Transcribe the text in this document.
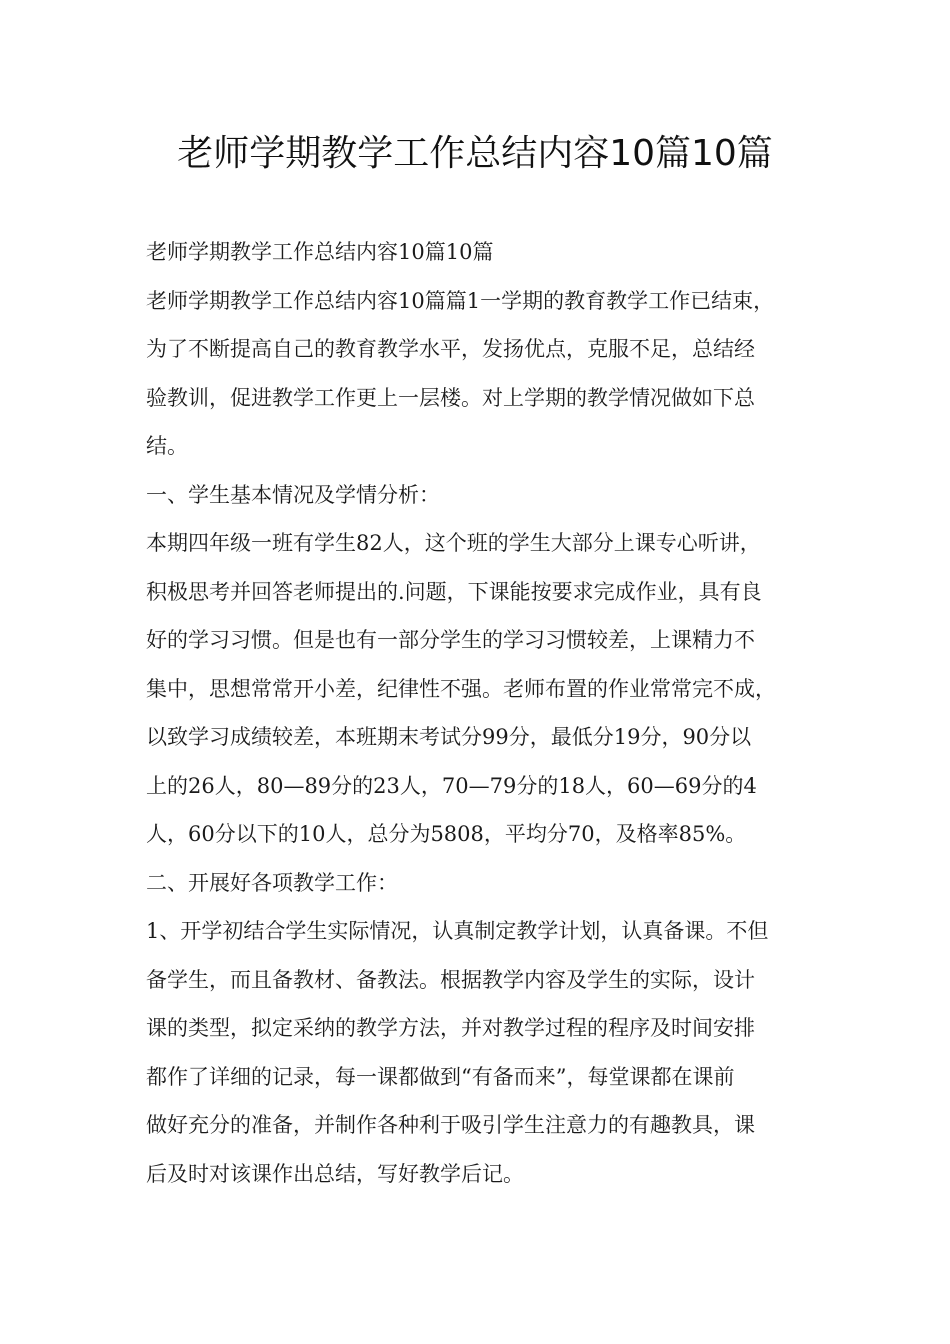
老师学期教学工作总结内容10篇10篇
老师学期教学工作总结内容10篇10篇
老师学期教学工作总结内容10篇篇1一学期的教育教学工作已结束，
为了不断提高自己的教育教学水平，发扬优点，克服不足，总结经
验教训，促进教学工作更上一层楼。对上学期的教学情况做如下总
结。
一、学生基本情况及学情分析：
本期四年级一班有学生82人，这个班的学生大部分上课专心听讲，
积极思考并回答老师提出的.问题，下课能按要求完成作业，具有良
好的学习习惯。但是也有一部分学生的学习习惯较差，上课精力不
集中，思想常常开小差，纪律性不强。老师布置的作业常常完不成，
以致学习成绩较差，本班期末考试分99分，最低分19分，90分以
上的26人，80—89分的23人，70—79分的18人，60—69分的4
人，60分以下的10人，总分为5808，平均分70，及格率85%。
二、开展好各项教学工作：
1、开学初结合学生实际情况，认真制定教学计划，认真备课。不但
备学生，而且备教材、备教法。根据教学内容及学生的实际，设计
课的类型，拟定采纳的教学方法，并对教学过程的程序及时间安排
都作了详细的记录，每一课都做到“有备而来”，每堂课都在课前
做好充分的准备，并制作各种利于吸引学生注意力的有趣教具，课
后及时对该课作出总结，写好教学后记。
